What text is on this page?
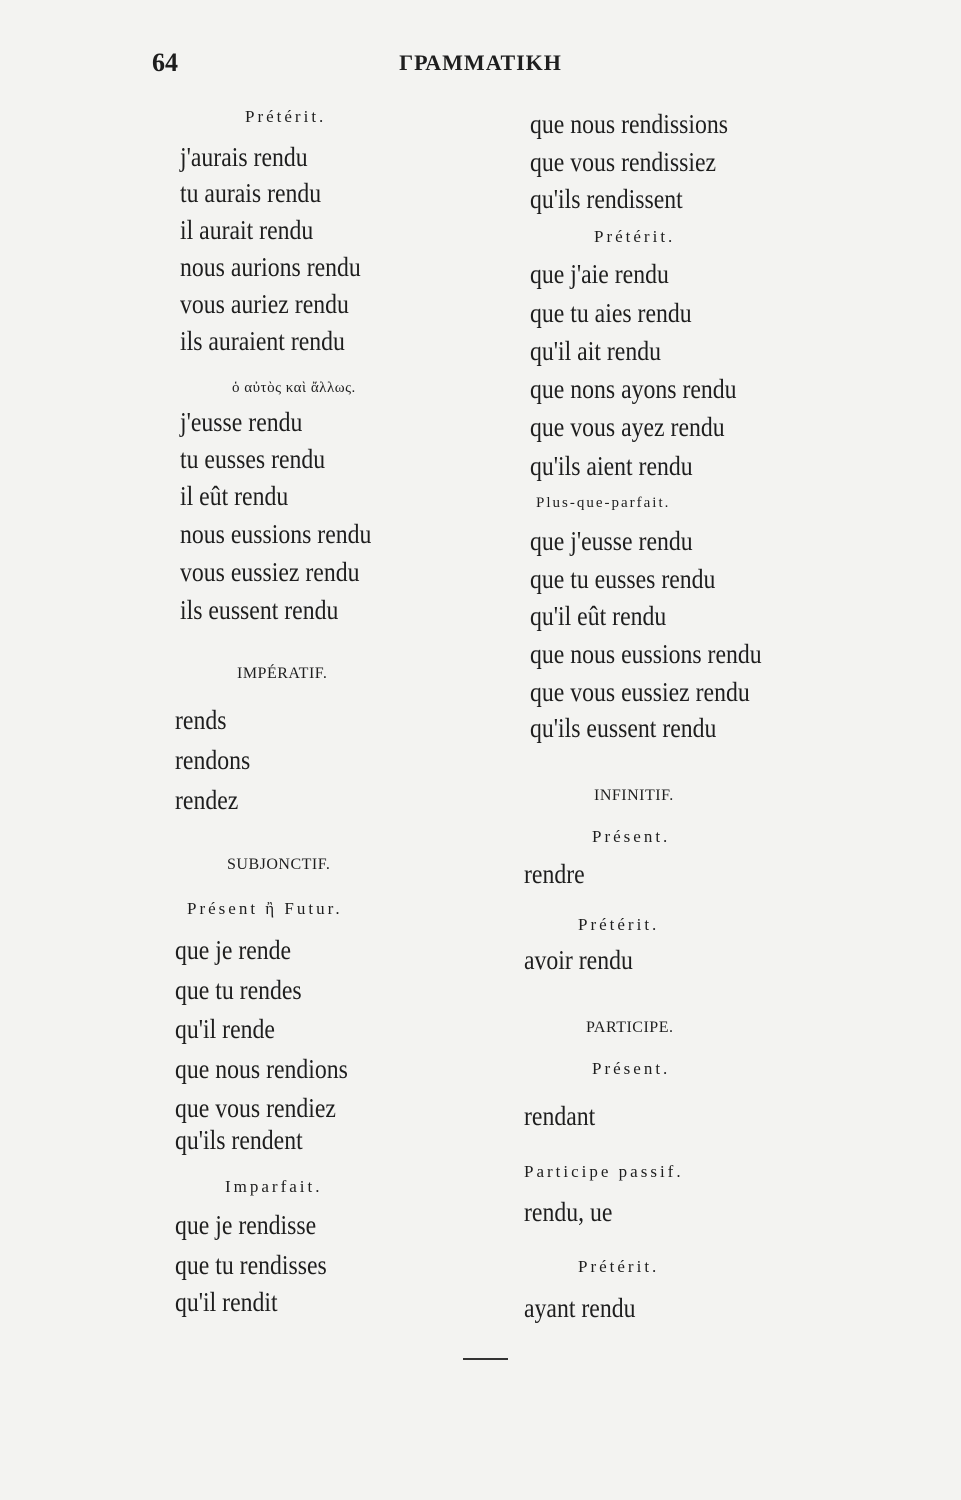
64	ΓΡΑΜΜΑΤΙΚΗ
Prétérit.
j'aurais rendu
tu aurais rendu
il aurait rendu
nous aurions rendu
vous auriez rendu
ils auraient rendu
ὁ αὐτὸς καὶ ἄλλως.
j'eusse rendu
tu eusses rendu
il eût rendu
nous eussions rendu
vous eussiez rendu
ils eussent rendu
IMPÉRATIF.
rends
rendons
rendez
SUBJONCTIF.
Présent ἢ Futur.
que je rende
que tu rendes
qu'il rende
que nous rendions
que vous rendiez
qu'ils rendent
Imparfait.
que je rendisse
que tu rendisses
qu'il rendit
que nous rendissions
que vous rendissiez
qu'ils rendissent
Prétérit.
que j'aie rendu
que tu aies rendu
qu'il ait rendu
que nons ayons rendu
que vous ayez rendu
qu'ils aient rendu
Plus-que-parfait.
que j'eusse rendu
que tu eusses rendu
qu'il eût rendu
que nous eussions rendu
que vous eussiez rendu
qu'ils eussent rendu
INFINITIF.
Présent.
rendre
Prétérit.
avoir rendu
PARTICIPE.
Présent.
rendant
Participe passif.
rendu, ue
Prétérit.
ayant rendu
